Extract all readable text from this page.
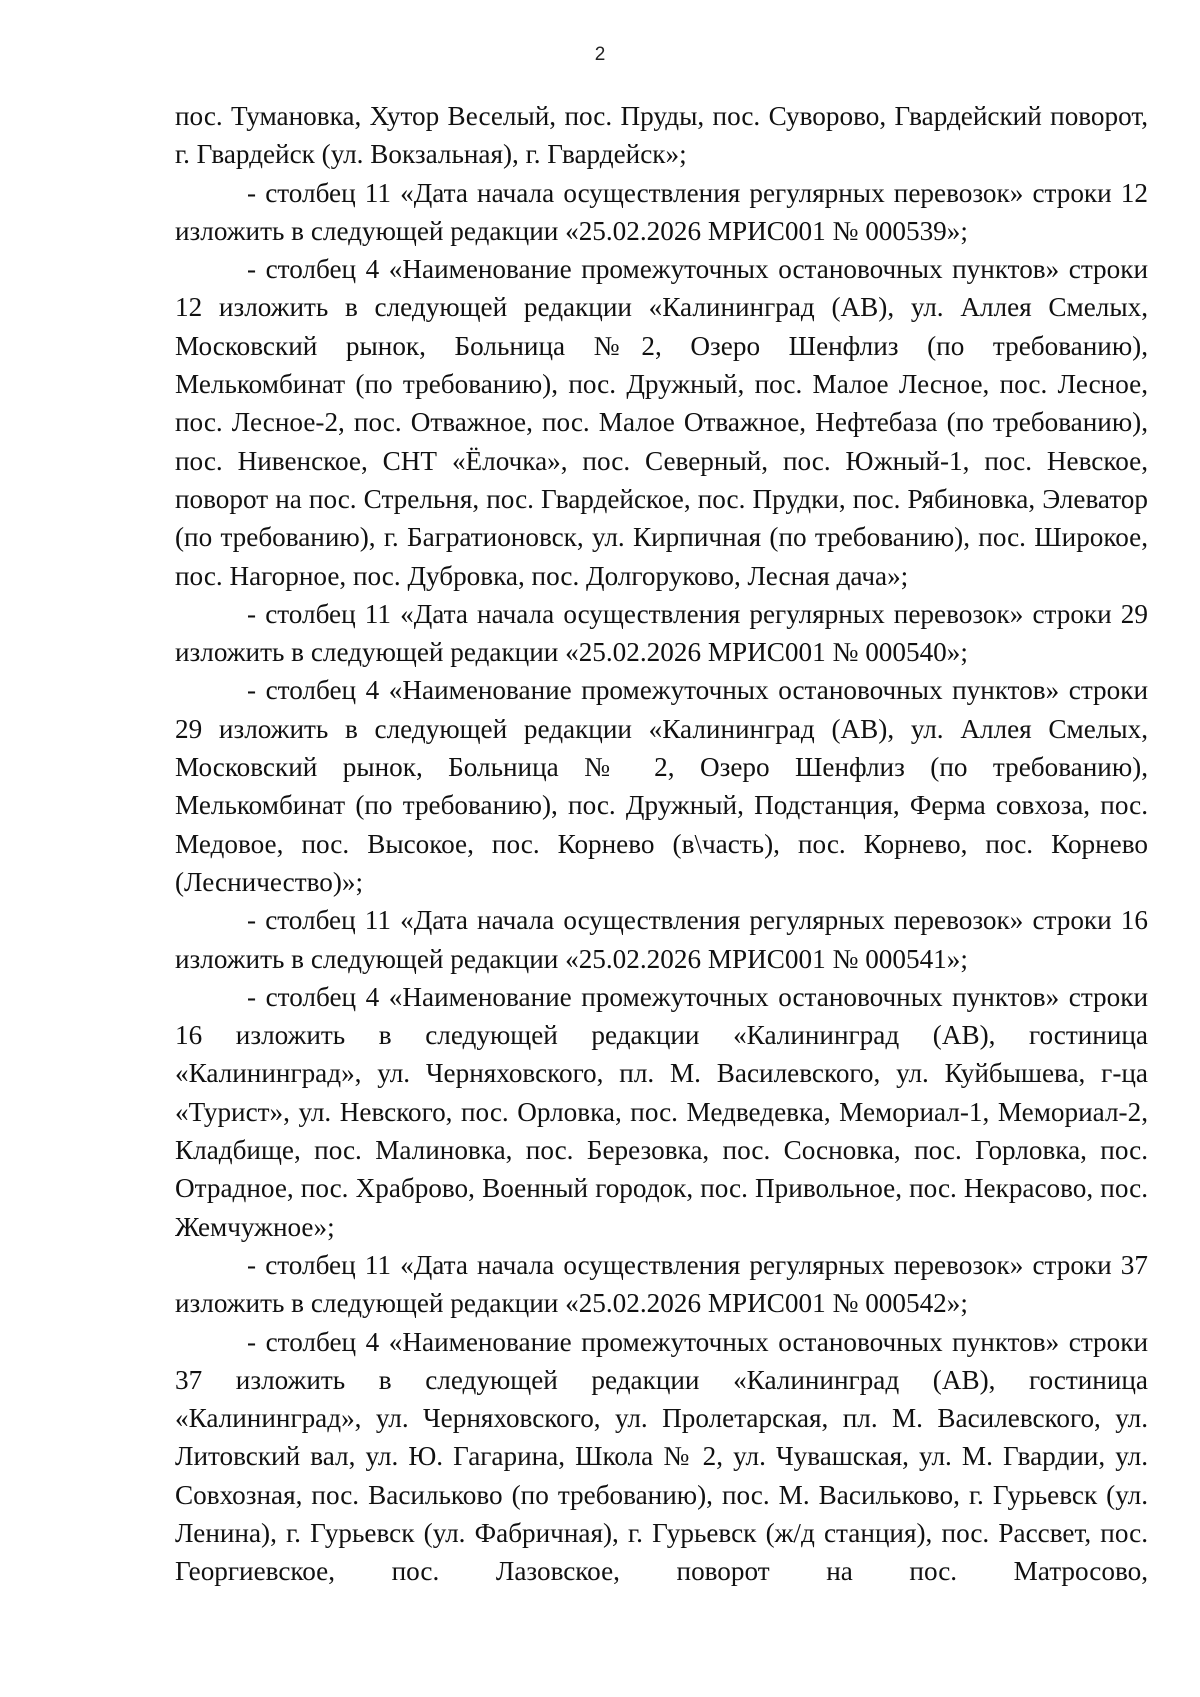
2

пос. Тумановка, Хутор Веселый, пос. Пруды, пос. Суворово, Гвардейский поворот, г. Гвардейск (ул. Вокзальная), г. Гвардейск»;

- столбец 11 «Дата начала осуществления регулярных перевозок» строки 12 изложить в следующей редакции «25.02.2026 МРИС001 № 000539»;

- столбец 4 «Наименование промежуточных остановочных пунктов» строки 12 изложить в следующей редакции «Калининград (АВ), ул. Аллея Смелых, Московский рынок, Больница №2, Озеро Шенфлиз (по требованию), Мелькомбинат (по требованию), пос. Дружный, пос. Малое Лесное, пос. Лесное, пос. Лесное-2, пос. Отважное, пос. Малое Отважное, Нефтебаза (по требованию), пос. Нивенское, СНТ «Ёлочка», пос. Северный, пос. Южный-1, пос. Невское, поворот на пос. Стрельня, пос. Гвардейское, пос. Прудки, пос. Рябиновка, Элеватор (по требованию), г. Багратионовск, ул. Кирпичная (по требованию), пос. Широкое, пос. Нагорное, пос. Дубровка, пос. Долгоруково, Лесная дача»;

- столбец 11 «Дата начала осуществления регулярных перевозок» строки 29 изложить в следующей редакции «25.02.2026 МРИС001 № 000540»;

- столбец 4 «Наименование промежуточных остановочных пунктов» строки 29 изложить в следующей редакции «Калининград (АВ), ул. Аллея Смелых, Московский рынок, Больница № 2, Озеро Шенфлиз (по требованию), Мелькомбинат (по требованию), пос. Дружный, Подстанция, Ферма совхоза, пос. Медовое, пос. Высокое, пос. Корнево (в\часть), пос. Корнево, пос. Корнево (Лесничество)»;

- столбец 11 «Дата начала осуществления регулярных перевозок» строки 16 изложить в следующей редакции «25.02.2026 МРИС001 № 000541»;

- столбец 4 «Наименование промежуточных остановочных пунктов» строки 16 изложить в следующей редакции «Калининград (АВ), гостиница «Калининград», ул. Черняховского, пл. М. Василевского, ул. Куйбышева, г-ца «Турист», ул. Невского, пос. Орловка, пос. Медведевка, Мемориал-1, Мемориал-2, Кладбище, пос. Малиновка, пос. Березовка, пос. Сосновка, пос. Горловка, пос. Отрадное, пос. Храброво, Военный городок, пос. Привольное, пос. Некрасово, пос. Жемчужное»;

- столбец 11 «Дата начала осуществления регулярных перевозок» строки 37 изложить в следующей редакции «25.02.2026 МРИС001 № 000542»;

- столбец 4 «Наименование промежуточных остановочных пунктов» строки 37 изложить в следующей редакции «Калининград (АВ), гостиница «Калининград», ул. Черняховского, ул. Пролетарская, пл. М. Василевского, ул. Литовский вал, ул. Ю. Гагарина, Школа № 2, ул. Чувашская, ул. М. Гвардии, ул. Совхозная, пос. Васильково (по требованию), пос. М. Васильково, г. Гурьевск (ул. Ленина), г. Гурьевск (ул. Фабричная), г. Гурьевск (ж/д станция), пос. Рассвет, пос. Георгиевское, пос. Лазовское, поворот на пос. Матросово,
